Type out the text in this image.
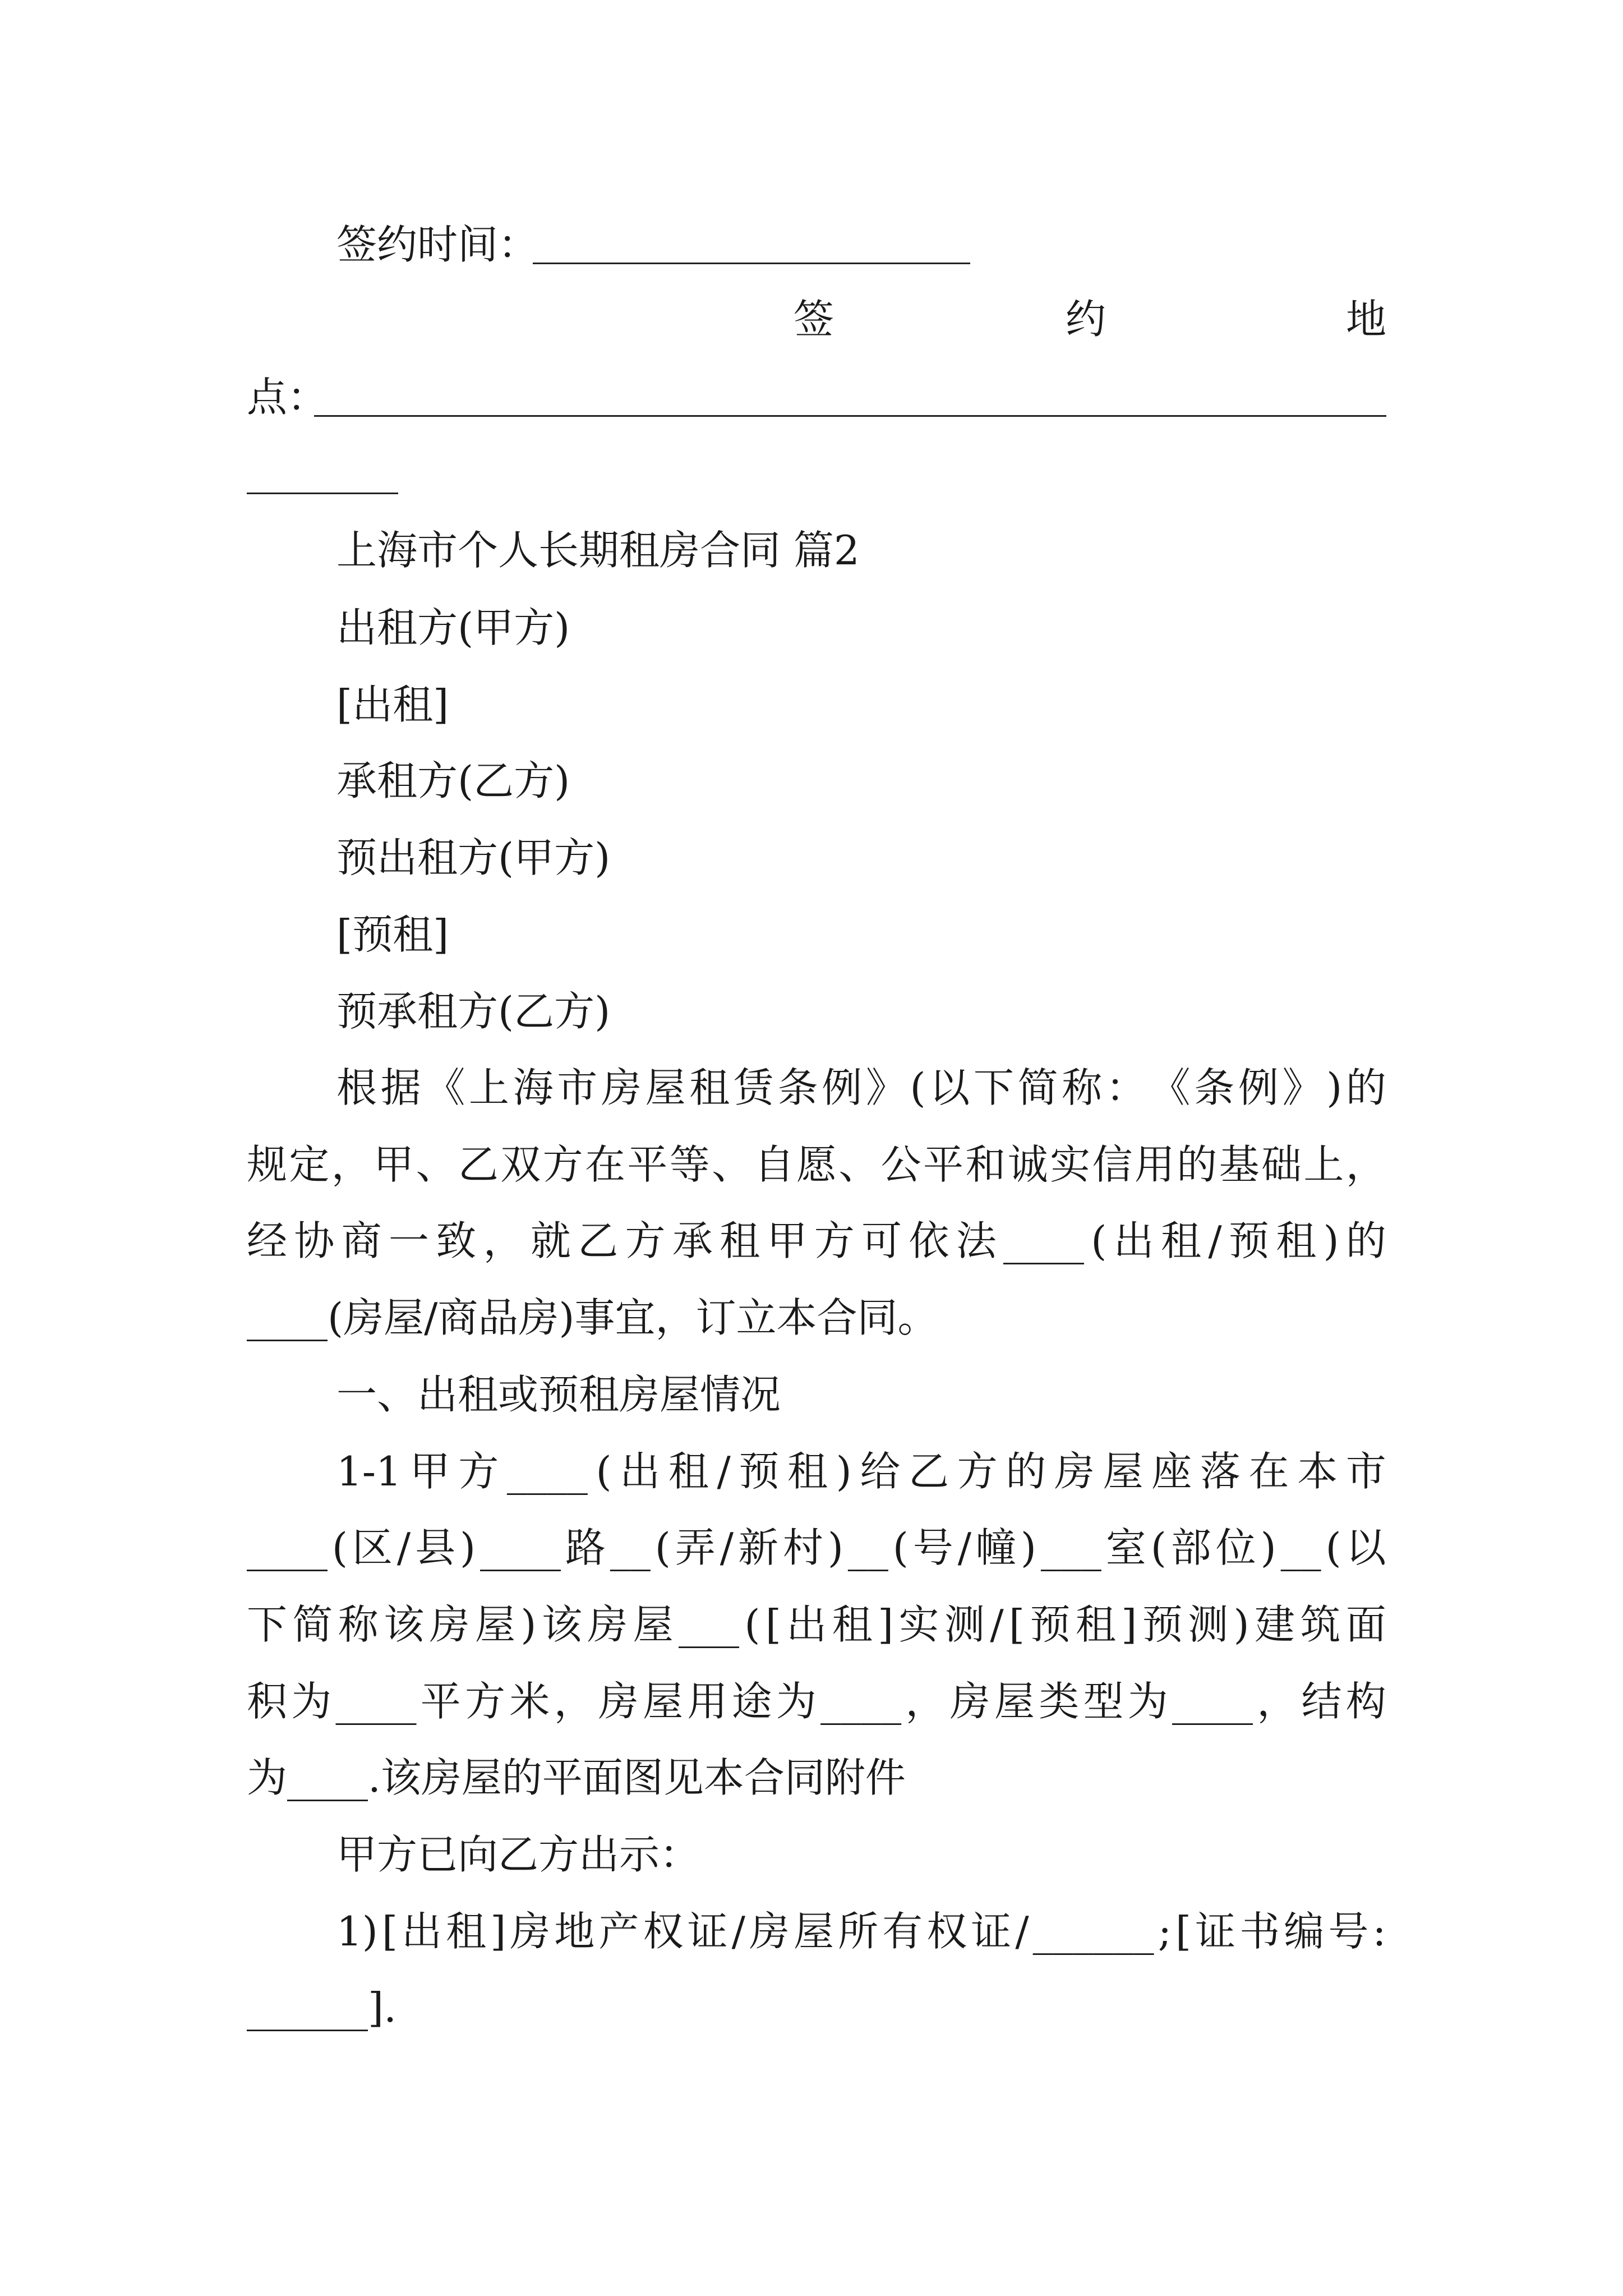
签约时间：
签	约	地
点：
上海市个人长期租房合同 篇2
出租方(甲方)
[出租]
承租方(乙方)
预出租方(甲方)
[预租]
预承租方(乙方)
根 据 《 上 海 市 房 屋 租 赁 条 例 》 ( 以 下 简 称 ： 《 条 例 》 ) 的
规 定 ， 甲 、 乙 双 方 在 平 等 、 自 愿 、 公 平 和 诚 实 信 用 的 基 础 上 ，
经 协 商 一 致 ， 就 乙 方 承 租 甲 方 可 依 法 ____ ( 出 租 / 预 租 ) 的
____(房屋/商品房)事宜，订立本合同。
一、出租或预租房屋情况
1-1 甲 方 ____ ( 出 租 / 预 租 ) 给 乙 方 的 房 屋 座 落 在 本 市
____ ( 区 / 县 ) ____ 路 __ ( 弄 / 新 村 ) __ ( 号 / 幢 ) ___ 室 ( 部 位 ) __ ( 以
下 简 称 该 房 屋 ) 该 房 屋 ___ ( [ 出 租 ] 实 测 / [ 预 租 ] 预 测 ) 建 筑 面
积 为 ____ 平 方 米 ， 房 屋 用 途 为 ____ ， 房 屋 类 型 为 ____ ， 结 构
为____.该房屋的平面图见本合同附件
甲方已向乙方出示：
1) [ 出 租 ] 房 地 产 权 证 / 房 屋 所 有 权 证 / ______ ; [ 证 书 编 号 :
______].
